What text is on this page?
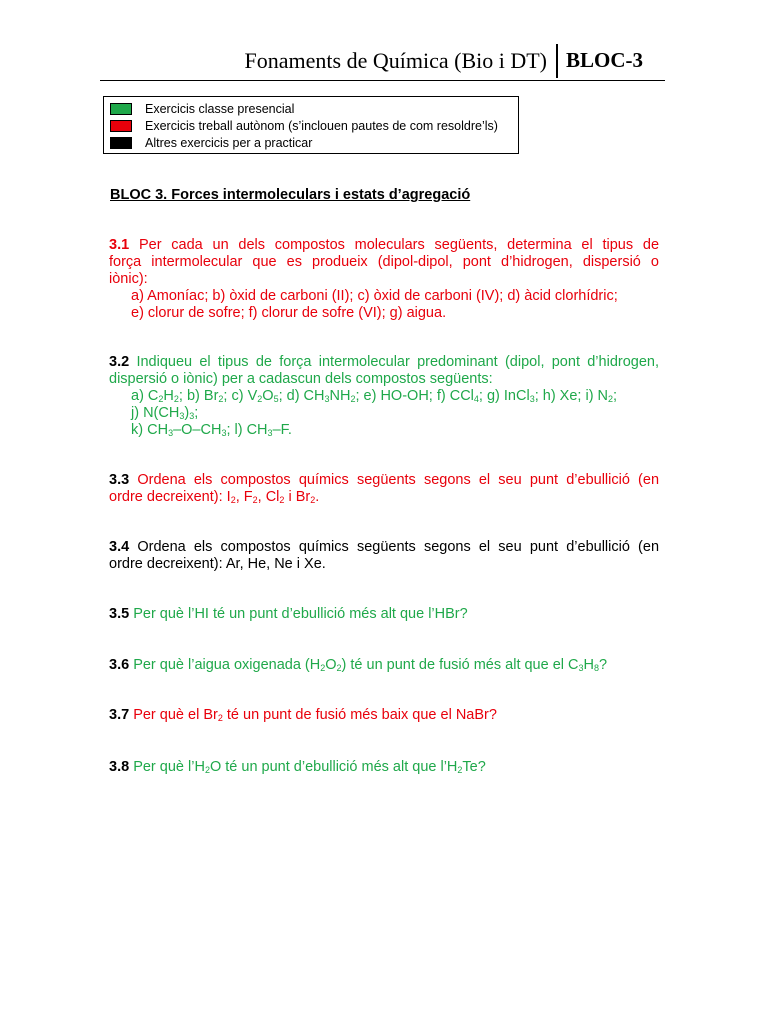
Fonaments de Química (Bio i DT) BLOC-3
Exercicis classe presencial
Exercicis treball autònom (s’inclouen pautes de com resoldre’ls)
Altres exercicis per a practicar
BLOC 3. Forces intermoleculars i estats d’agregació
3.1 Per cada un dels compostos moleculars següents, determina el tipus de
força intermolecular que es produeix (dipol-dipol, pont d’hidrogen, dispersió o
iònic):
a) Amoníac; b) òxid de carboni (II); c) òxid de carboni (IV); d) àcid clorhídric;
e) clorur de sofre; f) clorur de sofre (VI); g) aigua.
3.2 Indiqueu el tipus de força intermolecular predominant (dipol, pont d’hidrogen,
dispersió o iònic) per a cadascun dels compostos següents:
a) $C_2H_2$; b) $Br_2$; c) $V_2O_5$; d) $CH_3NH_2$; e) HO-OH; f) CCl$_4$; g) InCl$_3$; h) Xe; i) $N_2$;
j) $N(CH_3)_3$;
k) $CH_3-O-CH_3$; l) $CH_3-F$.
3.3 Ordena els compostos químics següents segons el seu punt d’ebullició (en
ordre decreixent): $I_2$, $F_2$, $Cl_2$ i $Br_2$.
3.4 Ordena els compostos químics següents segons el seu punt d’ebullició (en
ordre decreixent): Ar, He, Ne i Xe.
3.5 Per què l’HI té un punt d’ebullició més alt que l’HBr?
3.6 Per què l’aigua oxigenada $(H_2O_2)$ té un punt de fusió més alt que el $C_3H_8$?
3.7 Per què el $Br_2$ té un punt de fusió més baix que el NaBr?
3.8 Per què $l’H_2O$ té un punt d’ebullició més alt que $l’H_2Te$?
